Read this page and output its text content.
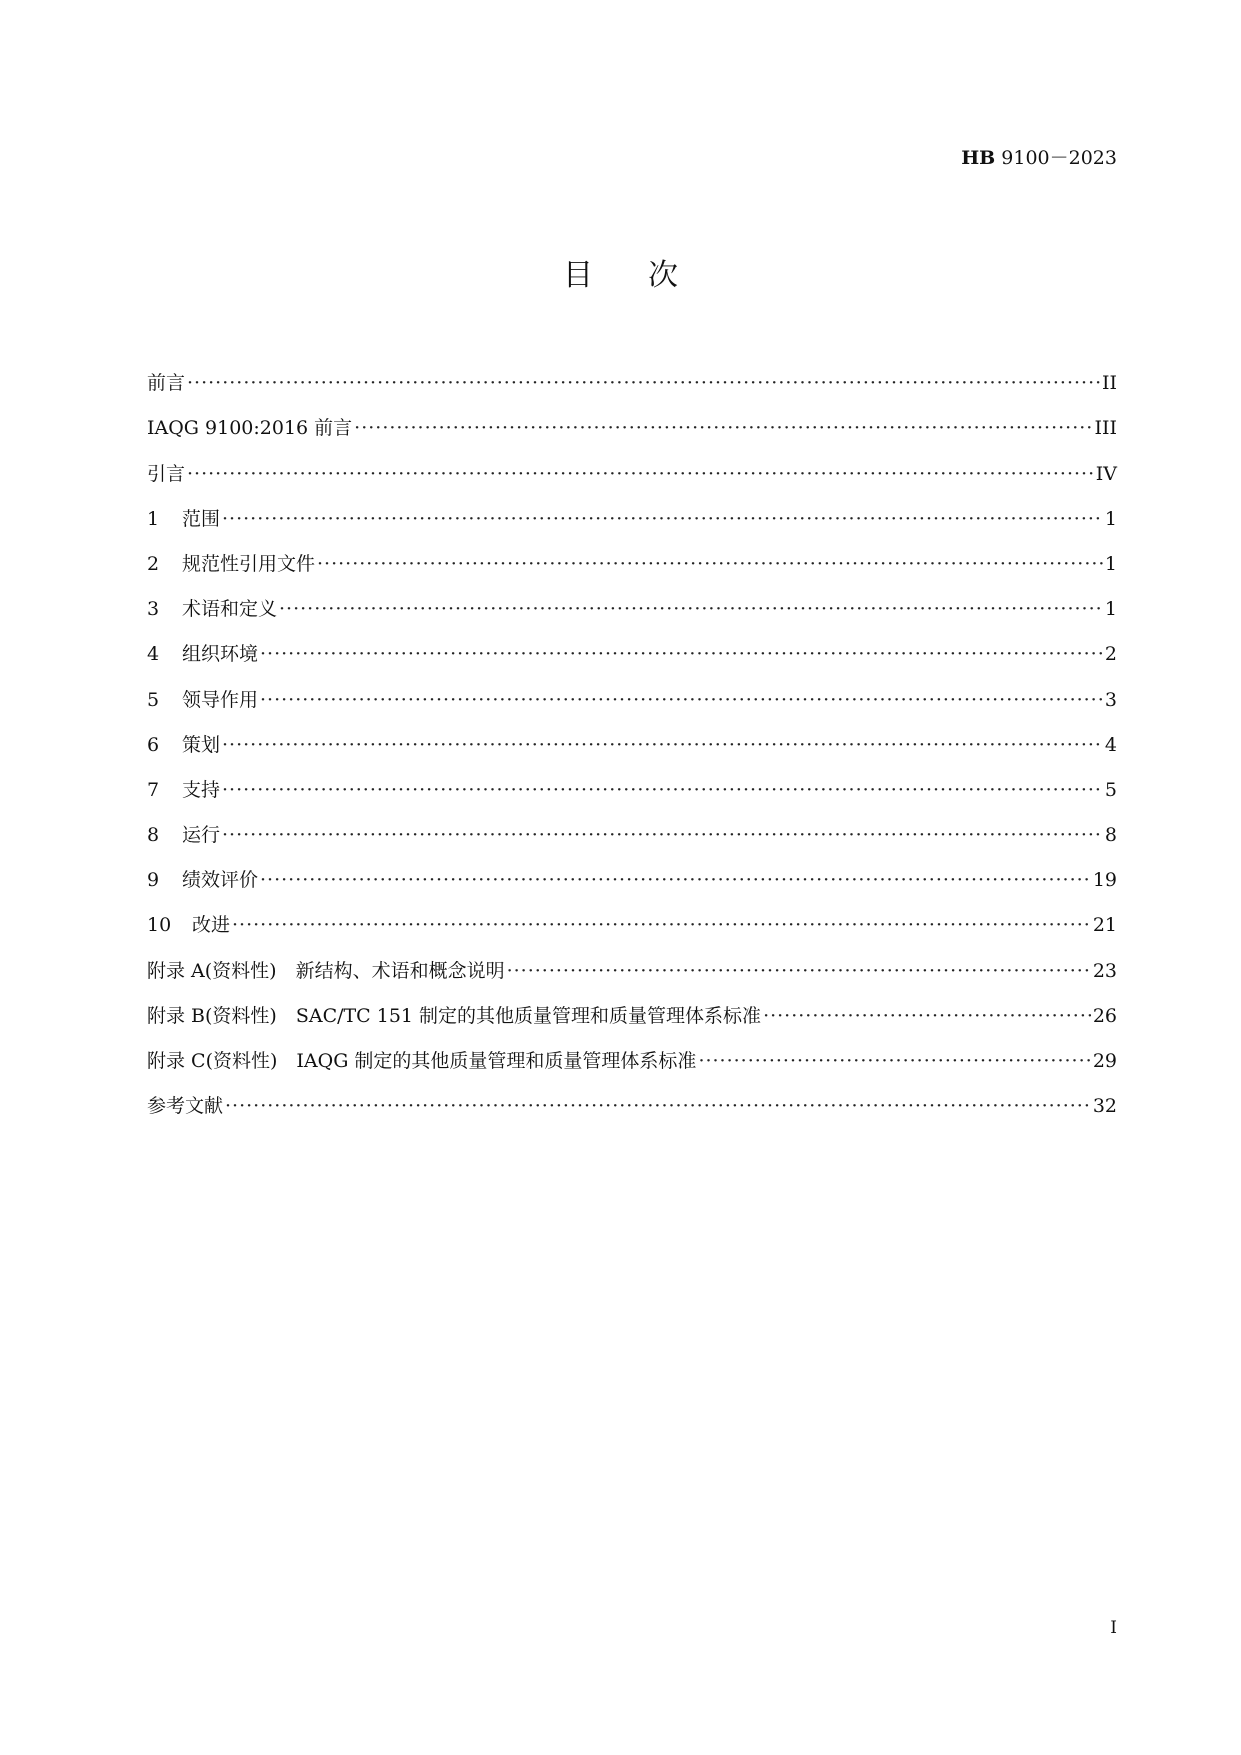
HB 9100－2023
目次
前言 ·····	II
IAQG 9100:2016 前言 ·····	III
引言 ·····	IV
1	范围 ·····	1
2	规范性引用文件 ·····	1
3	术语和定义 ·····	1
4	组织环境 ·····	2
5	领导作用 ·····	3
6	策划 ·····	4
7	支持 ·····	5
8	运行 ·····	8
9	绩效评价 ·····	19
10	改进 ·····	21
附录 A(资料性)　新结构、术语和概念说明 ·····	23
附录 B(资料性)　SAC/TC 151 制定的其他质量管理和质量管理体系标准 ·····	26
附录 C(资料性)　IAQG 制定的其他质量管理和质量管理体系标准 ·····	29
参考文献 ·····	32
I
